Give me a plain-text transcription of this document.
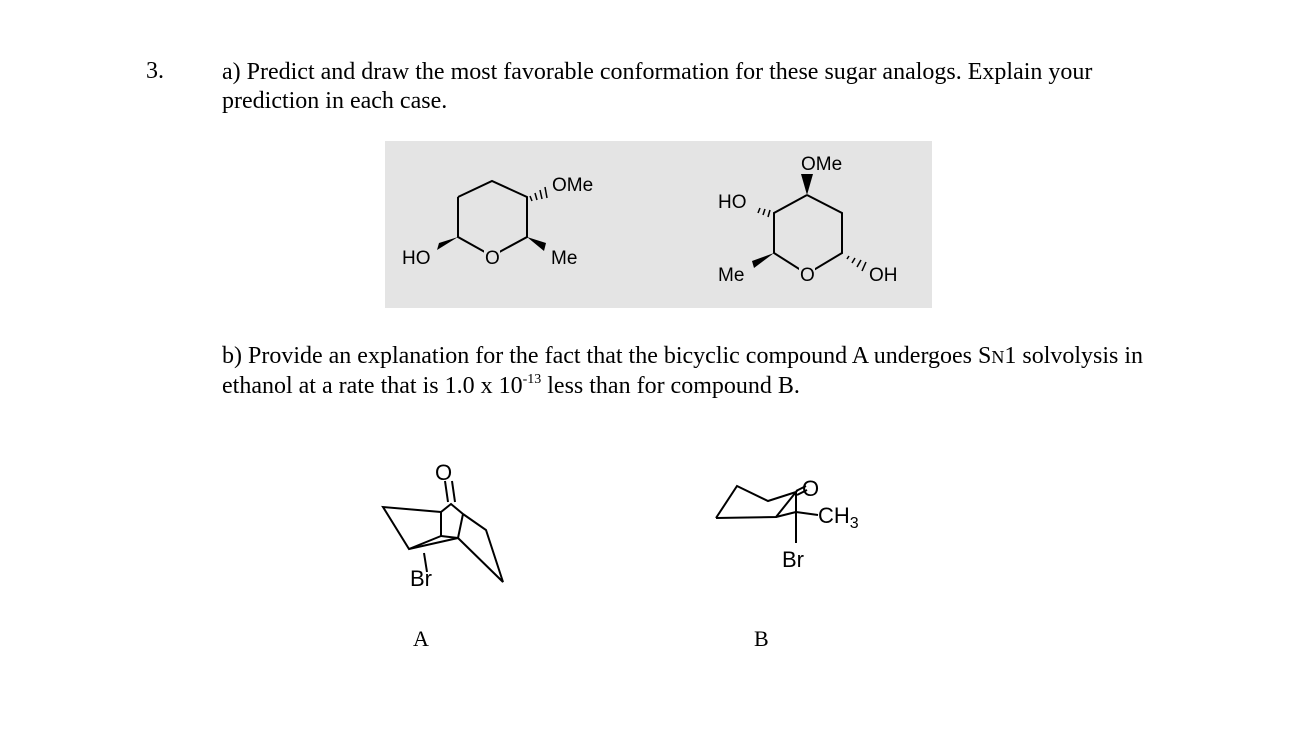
3. a) Predict and draw the most favorable conformation for these sugar analogs. Explain your prediction in each case.
b) Provide an explanation for the fact that the bicyclic compound A undergoes SN1 solvolysis in ethanol at a rate that is 1.0 x $10^{-13}$ less than for compound B.
OMe
HO	O	Me
OMe
HO
Me	O	OH
O
Br
O
$CH_3$
Br
A	B
